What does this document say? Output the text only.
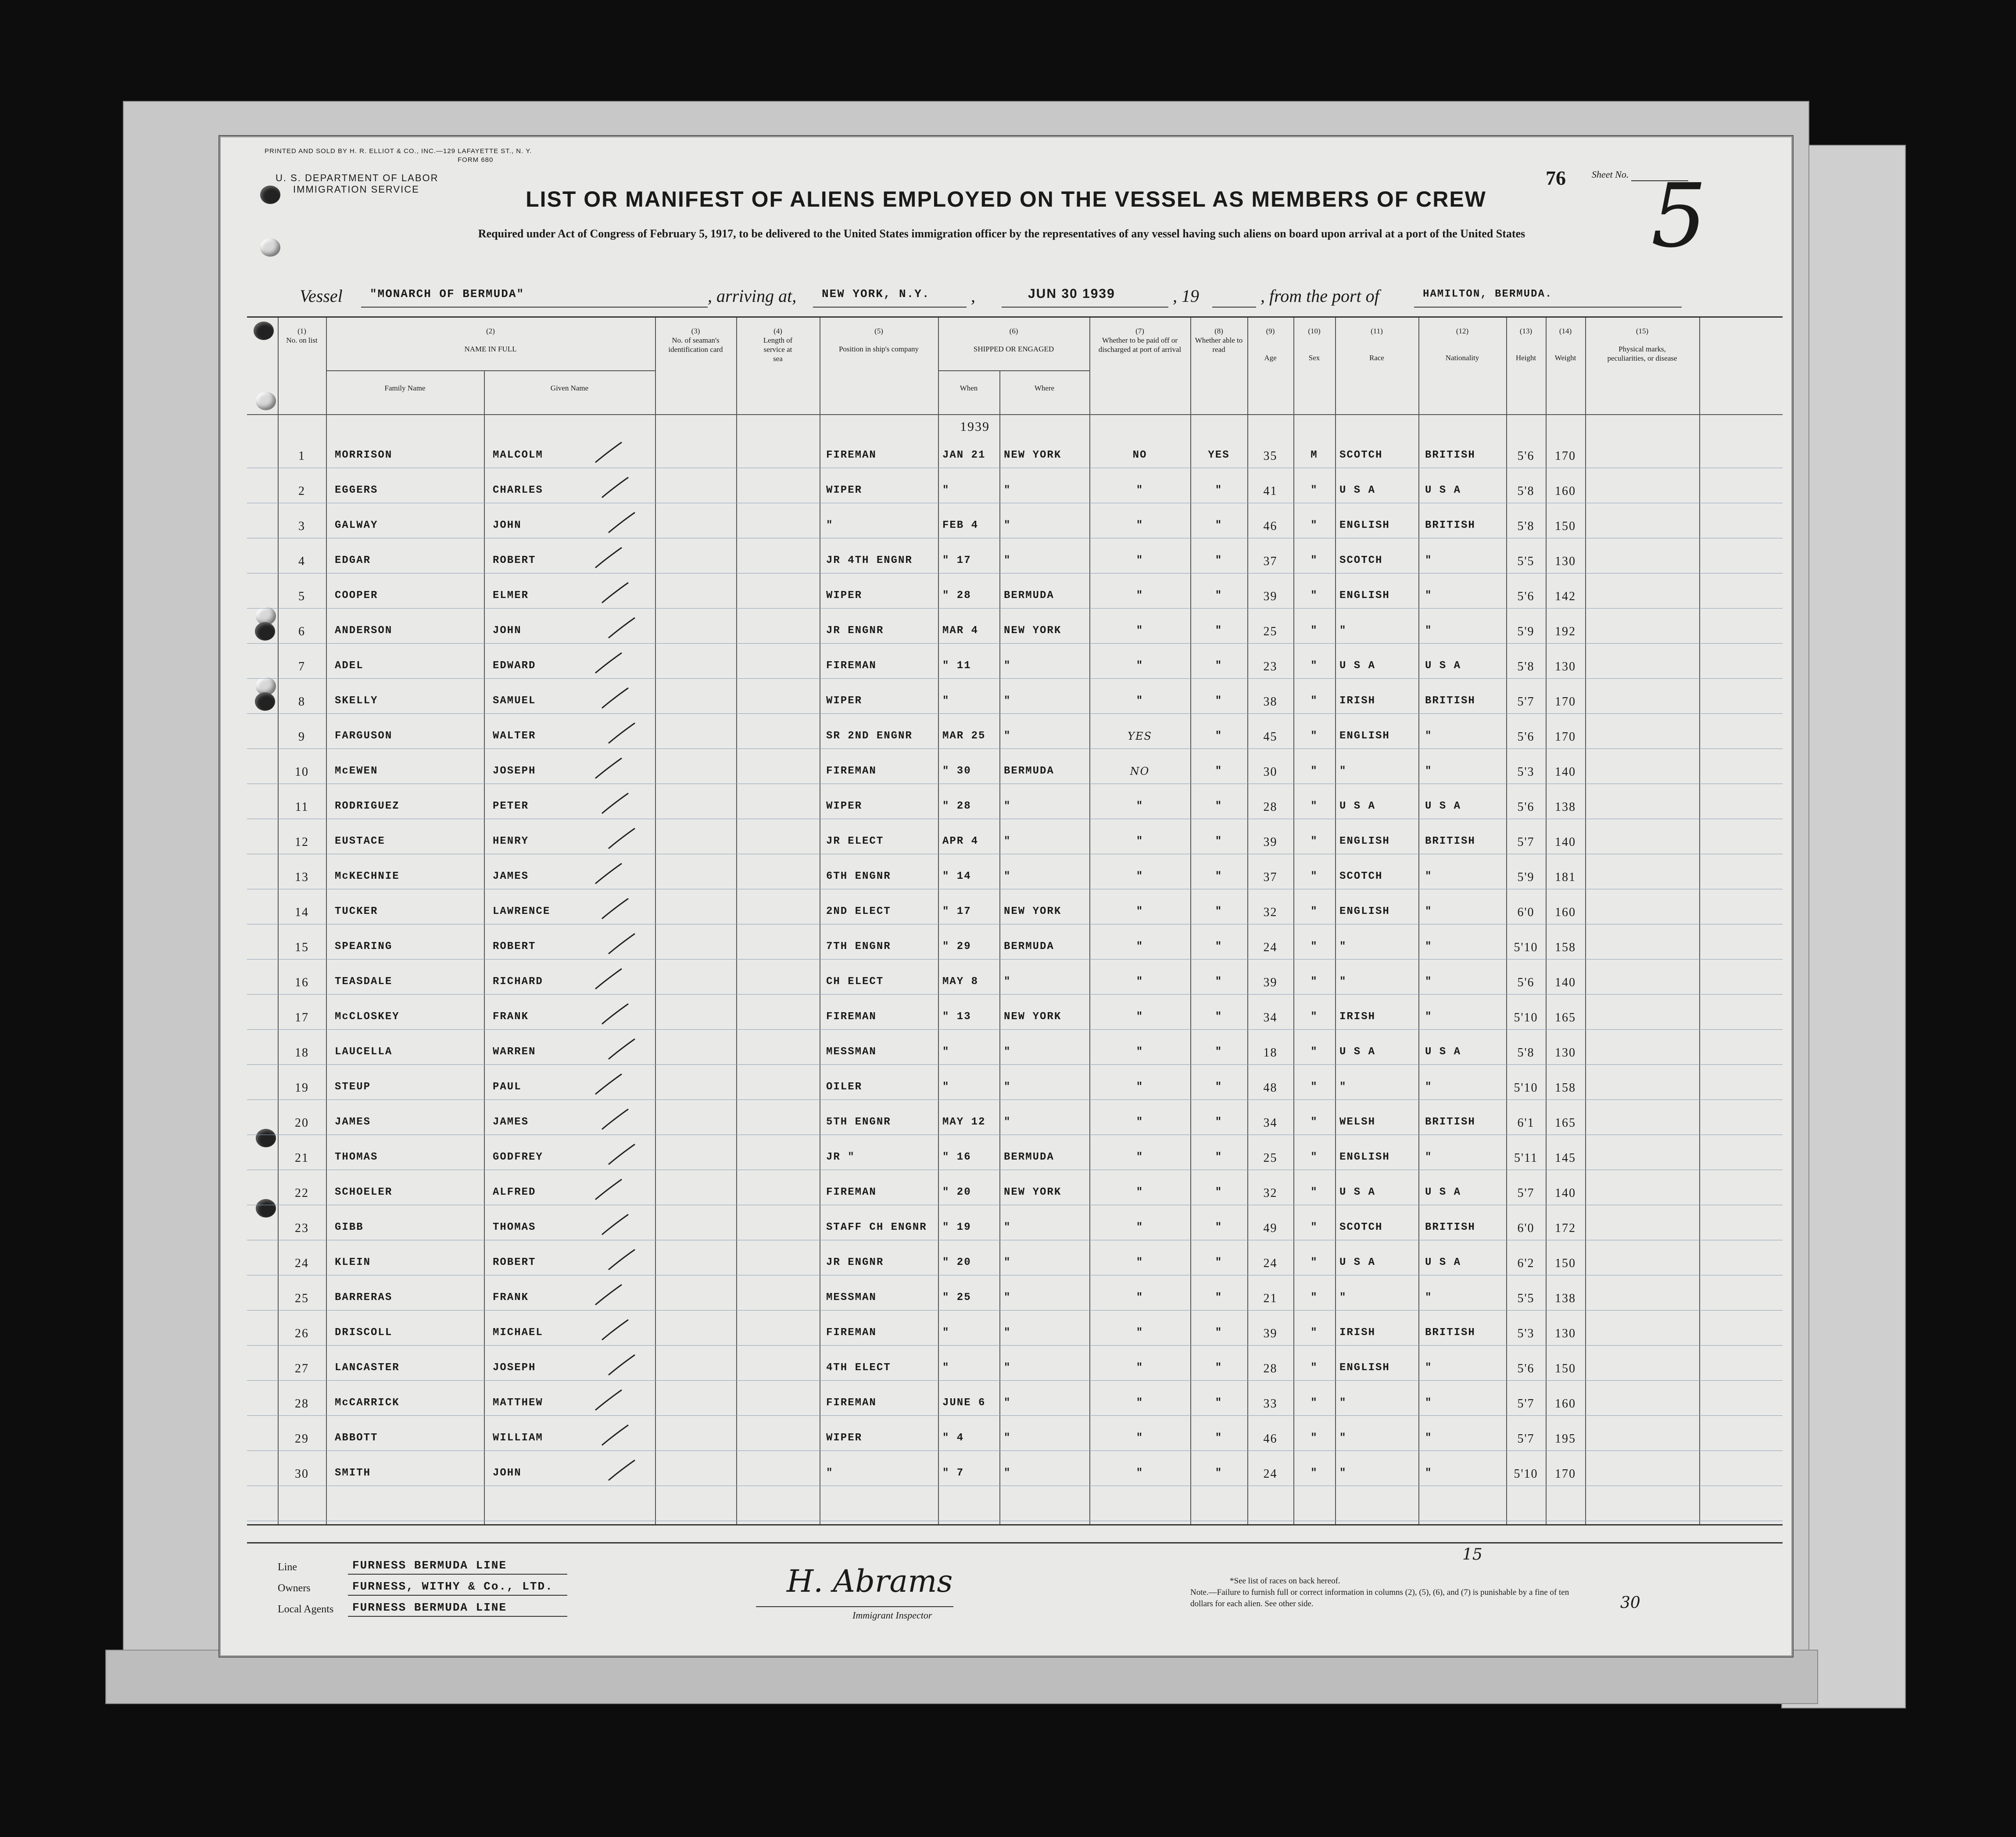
PRINTED AND SOLD BY H. R. ELLIOT & CO., INC.—129 LAFAYETTE ST., N. Y.
FORM 680
U. S. DEPARTMENT OF LABOR
IMMIGRATION SERVICE
76	Sheet No. 5
LIST OR MANIFEST OF ALIENS EMPLOYED ON THE VESSEL AS MEMBERS OF CREW
Required under Act of Congress of February 5, 1917, to be delivered to the United States immigration officer by the representatives of any vessel having such aliens on board upon arrival at a port of the United States
Vessel "MONARCH OF BERMUDA"	, arriving at, NEW YORK, N.Y. ,	JUN 30 1939	, 19	, from the port of	HAMILTON, BERMUDA.
(1)
No. on list
(2)
NAME IN FULL
Family Name	Given Name
(3)
No. of seaman's identification card
(4)
Length of service at sea
(5)
Position in ship's company
(6)
SHIPPED OR ENGAGED
When	Where
(7)
Whether to be paid off or discharged at port of arrival
(8)
Whether able to read
(9)
Age
(10)
Sex
(11)
Race
(12)
Nationality
(13)
Height
(14)
Weight
(15)
Physical marks, peculiarities, or disease
1939
1	MORRISON	MALCOLM	FIREMAN	JAN 21	NEW YORK	NO	YES	35	M	SCOTCH	BRITISH	5'6	170
2	EGGERS	CHARLES	WIPER	"	"	"	"	41	"	U S A	U S A	5'8	160
3	GALWAY	JOHN	"	FEB 4	"	"	"	46	"	ENGLISH	BRITISH	5'8	150
4	EDGAR	ROBERT	JR 4TH ENGNR	" 17	"	"	"	37	"	SCOTCH	"	5'5	130
5	COOPER	ELMER	WIPER	" 28	BERMUDA	"	"	39	"	ENGLISH	"	5'6	142
6	ANDERSON	JOHN	JR ENGNR	MAR 4	NEW YORK	"	"	25	"	"	"	5'9	192
7	ADEL	EDWARD	FIREMAN	" 11	"	"	"	23	"	U S A	U S A	5'8	130
8	SKELLY	SAMUEL	WIPER	"	"	"	"	38	"	IRISH	BRITISH	5'7	170
9	FARGUSON	WALTER	SR 2ND ENGNR	MAR 25	"	YES	"	45	"	ENGLISH	"	5'6	170
10	McEWEN	JOSEPH	FIREMAN	" 30	BERMUDA	NO	"	30	"	"	"	5'3	140
11	RODRIGUEZ	PETER	WIPER	" 28	"	"	"	28	"	U S A	U S A	5'6	138
12	EUSTACE	HENRY	JR ELECT	APR 4	"	"	"	39	"	ENGLISH	BRITISH	5'7	140
13	McKECHNIE	JAMES	6TH ENGNR	" 14	"	"	"	37	"	SCOTCH	"	5'9	181
14	TUCKER	LAWRENCE	2ND ELECT	" 17	NEW YORK	"	"	32	"	ENGLISH	"	6'0	160
15	SPEARING	ROBERT	7TH ENGNR	" 29	BERMUDA	"	"	24	"	"	"	5'10	158
16	TEASDALE	RICHARD	CH ELECT	MAY 8	"	"	"	39	"	"	"	5'6	140
17	McCLOSKEY	FRANK	FIREMAN	" 13	NEW YORK	"	"	34	"	IRISH	"	5'10	165
18	LAUCELLA	WARREN	MESSMAN	"	"	"	"	18	"	U S A	U S A	5'8	130
19	STEUP	PAUL	OILER	"	"	"	"	48	"	"	"	5'10	158
20	JAMES	JAMES	5TH ENGNR	MAY 12	"	"	"	34	"	WELSH	BRITISH	6'1	165
21	THOMAS	GODFREY	JR "	" 16	BERMUDA	"	"	25	"	ENGLISH	"	5'11	145
22	SCHOELER	ALFRED	FIREMAN	" 20	NEW YORK	"	"	32	"	U S A	U S A	5'7	140
23	GIBB	THOMAS	STAFF CH ENGNR	" 19	"	"	"	49	"	SCOTCH	BRITISH	6'0	172
24	KLEIN	ROBERT	JR ENGNR	" 20	"	"	"	24	"	U S A	U S A	6'2	150
25	BARRERAS	FRANK	MESSMAN	" 25	"	"	"	21	"	"	"	5'5	138
26	DRISCOLL	MICHAEL	FIREMAN	"	"	"	"	39	"	IRISH	BRITISH	5'3	130
27	LANCASTER	JOSEPH	4TH ELECT	"	"	"	"	28	"	ENGLISH	"	5'6	150
28	McCARRICK	MATTHEW	FIREMAN	JUNE 6	"	"	"	33	"	"	"	5'7	160
29	ABBOTT	WILLIAM	WIPER	" 4	"	"	"	46	"	"	"	5'7	195
30	SMITH	JOHN	"	" 7	"	"	"	24	"	"	"	5'10	170
Line	FURNESS BERMUDA LINE
Owners	FURNESS, WITHY & Co., LTD.
Local Agents FURNESS BERMUDA LINE
H. Abrams
Immigrant Inspector
15
*See list of races on back hereof.
Note.—Failure to furnish full or correct information in columns (2), (5), (6), and (7) is punishable by a fine of ten dollars for each alien. See other side.	30
